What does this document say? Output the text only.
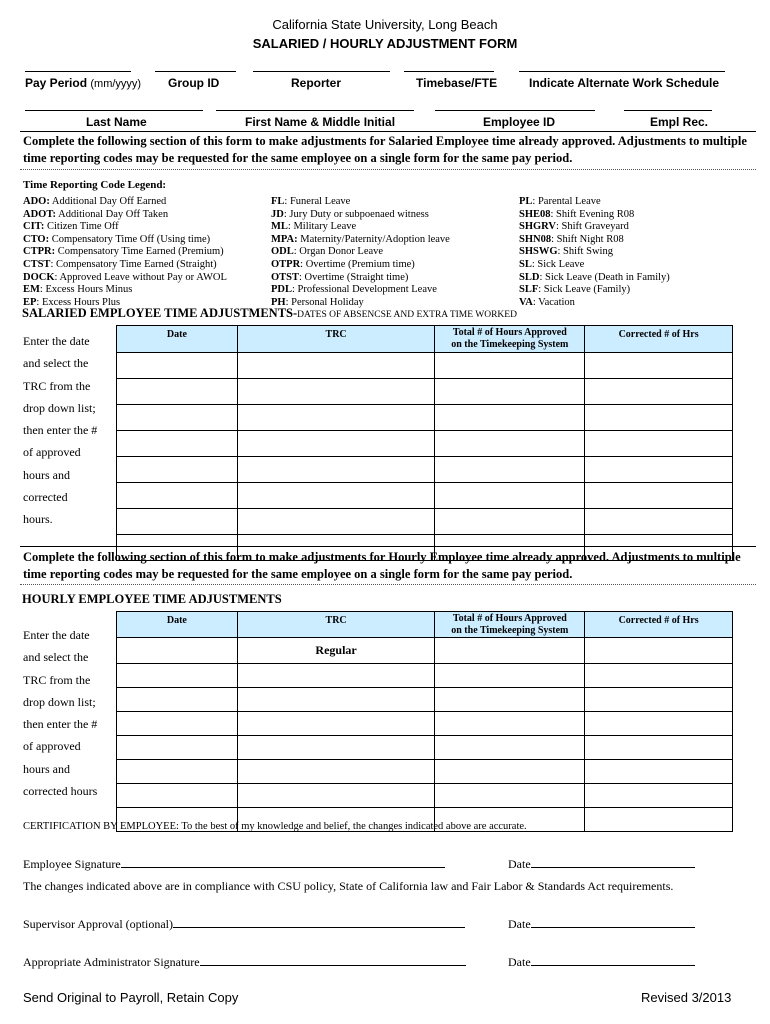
California State University, Long Beach
SALARIED / HOURLY ADJUSTMENT FORM
Pay Period (mm/yyyy) Group ID	Reporter	Timebase/FTE	Indicate Alternate Work Schedule
Last Name	First Name & Middle Initial	Employee ID	Empl Rec.
Complete the following section of this form to make adjustments for Salaried Employee time already approved. Adjustments to multiple
time reporting codes may be requested for the same employee on a single form for the same pay period.
Time Reporting Code Legend:
ADO: Additional Day Off Earned
ADOT: Additional Day Off Taken
CIT: Citizen Time Off
CTO: Compensatory Time Off (Using time)
CTPR: Compensatory Time Earned (Premium)
CTST: Compensatory Time Earned (Straight)
DOCK: Approved Leave without Pay or AWOL
EM: Excess Hours Minus
EP: Excess Hours Plus
FL: Funeral Leave
JD: Jury Duty or subpoenaed witness
ML: Military Leave
MPA: Maternity/Paternity/Adoption leave
ODL: Organ Donor Leave
OTPR: Overtime (Premium time)
OTST: Overtime (Straight time)
PDL: Professional Development Leave
PH: Personal Holiday
PL: Parental Leave
SHE08: Shift Evening R08
SHGRV: Shift Graveyard
SHN08: Shift Night R08
SHSWG: Shift Swing
SL: Sick Leave
SLD: Sick Leave (Death in Family)
SLF: Sick Leave (Family)
VA: Vacation
SALARIED EMPLOYEE TIME ADJUSTMENTS-DATES OF ABSENCSE AND EXTRA TIME WORKED
Enter the date
and select the
TRC from the
drop down list;
then enter the #
of approved
hours and
corrected
hours.
Date	TRC	Total # of Hours Approved
on the Timekeeping System	Corrected # of Hrs

Complete the following section of this form to make adjustments for Hourly Employee time already approved. Adjustments to multiple
time reporting codes may be requested for the same employee on a single form for the same pay period.
HOURLY EMPLOYEE TIME ADJUSTMENTS
Enter the date
and select the
TRC from the
drop down list;
then enter the #
of approved
hours and
corrected hours
Date	TRC	Total # of Hours Approved
on the Timekeeping System	Corrected # of Hrs
	Regular		

CERTIFICATION BY EMPLOYEE: To the best of my knowledge and belief, the changes indicated above are accurate.
Employee Signature	Date
The changes indicated above are in compliance with CSU policy, State of California law and Fair Labor & Standards Act requirements.
Supervisor Approval (optional)	Date
Appropriate Administrator Signature	Date
Send Original to Payroll, Retain Copy	Revised 3/2013
